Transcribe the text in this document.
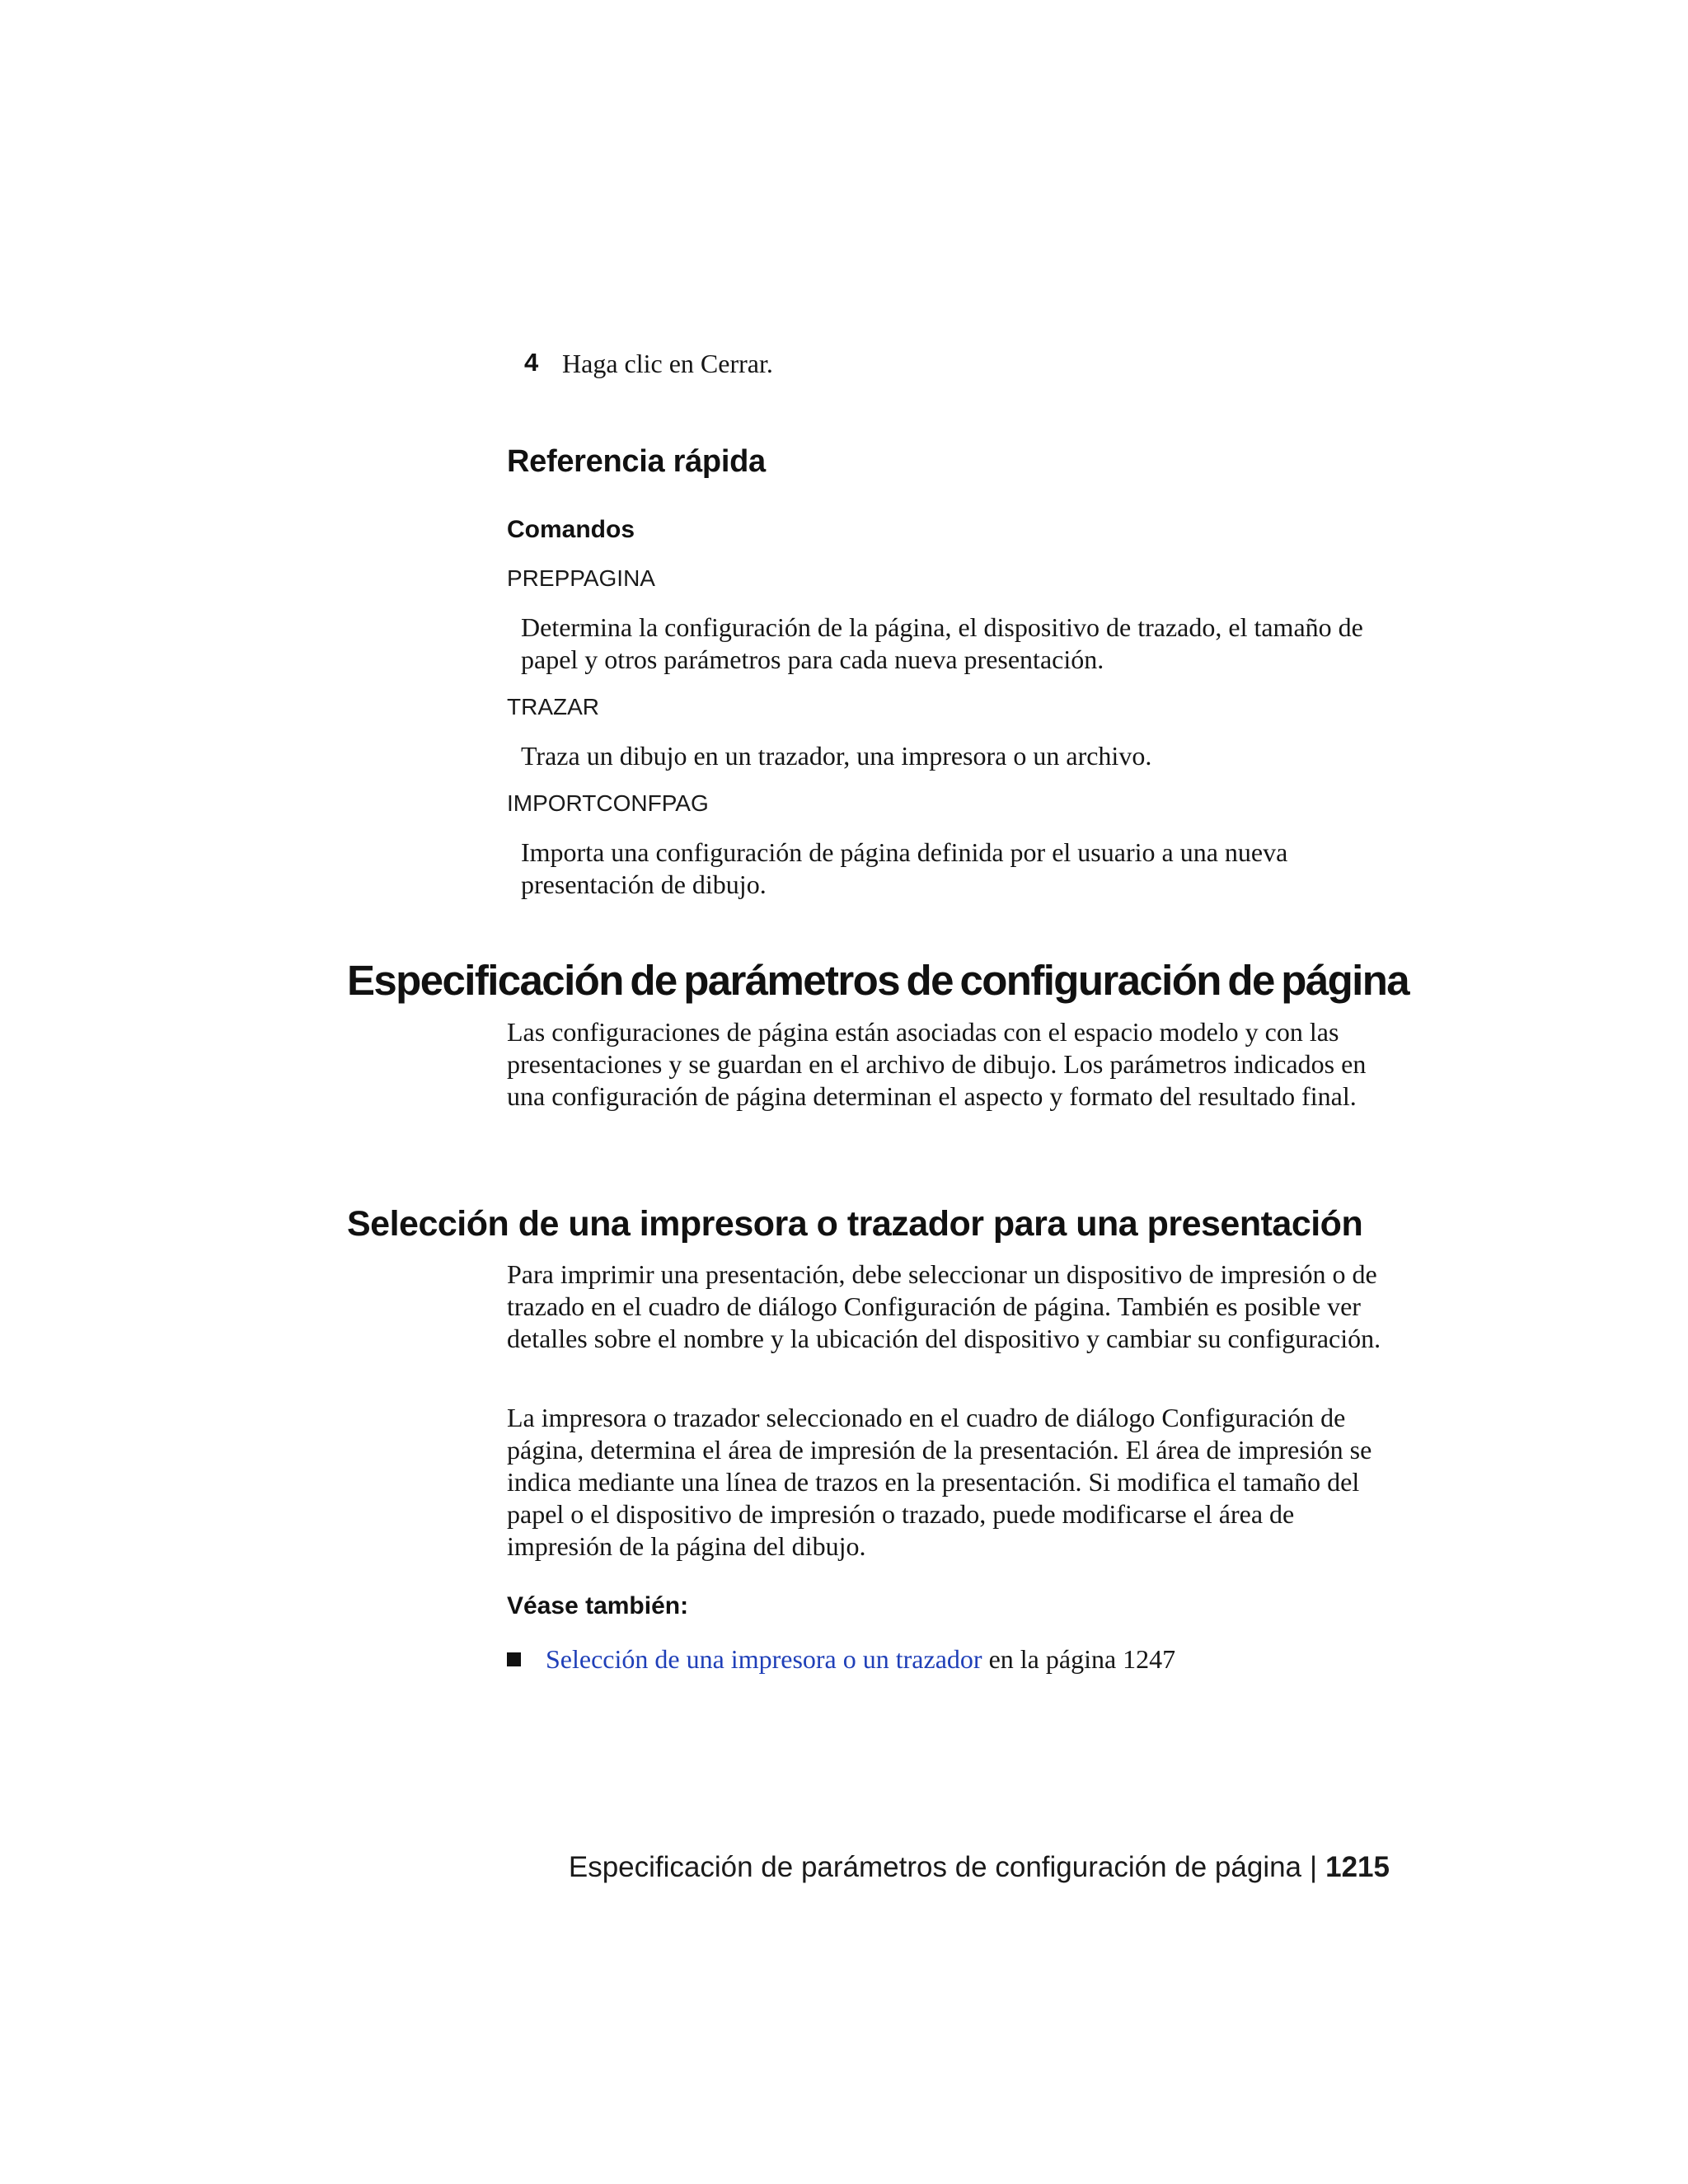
4 Haga clic en Cerrar.
Referencia rápida
Comandos
PREPPAGINA
Determina la configuración de la página, el dispositivo de trazado, el tamaño de papel y otros parámetros para cada nueva presentación.
TRAZAR
Traza un dibujo en un trazador, una impresora o un archivo.
IMPORTCONFPAG
Importa una configuración de página definida por el usuario a una nueva presentación de dibujo.
Especificación de parámetros de configuración de página
Las configuraciones de página están asociadas con el espacio modelo y con las presentaciones y se guardan en el archivo de dibujo. Los parámetros indicados en una configuración de página determinan el aspecto y formato del resultado final.
Selección de una impresora o trazador para una presentación
Para imprimir una presentación, debe seleccionar un dispositivo de impresión o de trazado en el cuadro de diálogo Configuración de página. También es posible ver detalles sobre el nombre y la ubicación del dispositivo y cambiar su configuración.
La impresora o trazador seleccionado en el cuadro de diálogo Configuración de página, determina el área de impresión de la presentación. El área de impresión se indica mediante una línea de trazos en la presentación. Si modifica el tamaño del papel o el dispositivo de impresión o trazado, puede modificarse el área de impresión de la página del dibujo.
Véase también:
Selección de una impresora o un trazador en la página 1247
Especificación de parámetros de configuración de página | 1215
